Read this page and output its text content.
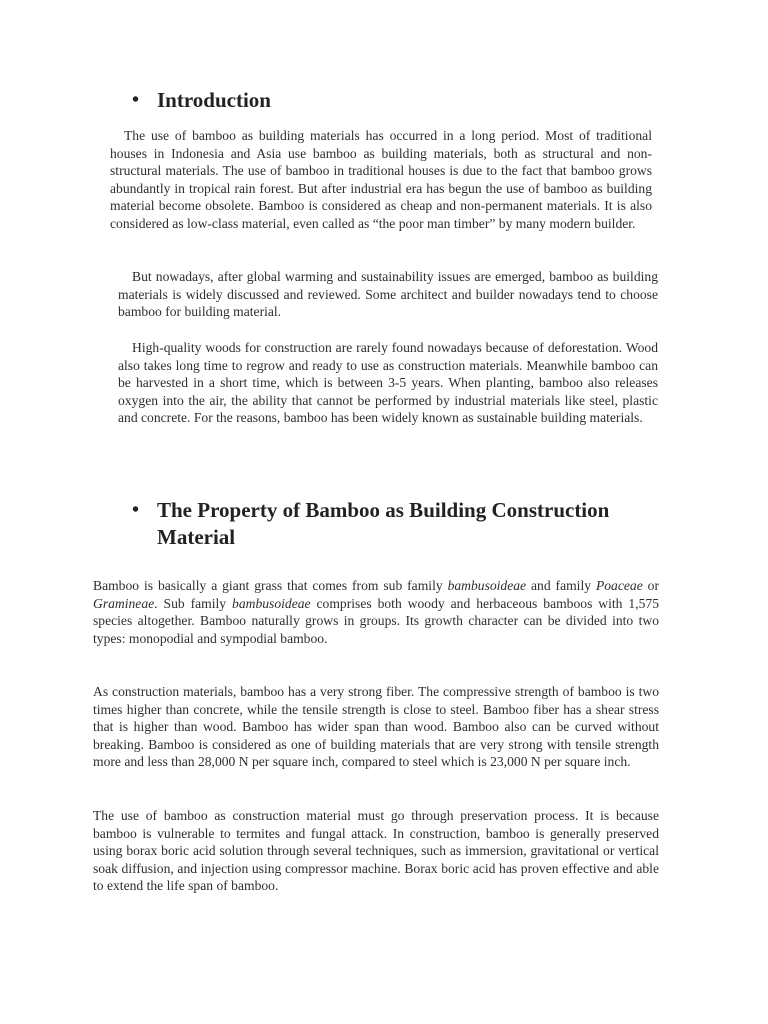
• Introduction

The use of bamboo as building materials has occurred in a long period. Most of traditional houses in Indonesia and Asia use bamboo as building materials, both as structural and non-structural materials. The use of bamboo in traditional houses is due to the fact that bamboo grows abundantly in tropical rain forest. But after industrial era has begun the use of bamboo as building material become obsolete. Bamboo is considered as cheap and non-permanent materials. It is also considered as low-class material, even called as “the poor man timber” by many modern builder.

But nowadays, after global warming and sustainability issues are emerged, bamboo as building materials is widely discussed and reviewed. Some architect and builder nowadays tend to choose bamboo for building material.

High-quality woods for construction are rarely found nowadays because of deforestation. Wood also takes long time to regrow and ready to use as construction materials. Meanwhile bamboo can be harvested in a short time, which is between 3-5 years. When planting, bamboo also releases oxygen into the air, the ability that cannot be performed by industrial materials like steel, plastic and concrete. For the reasons, bamboo has been widely known as sustainable building materials.

• The Property of Bamboo as Building Construction
Material

Bamboo is basically a giant grass that comes from sub family bambusoideae and family Poaceae or Gramineae. Sub family bambusoideae comprises both woody and herbaceous bamboos with 1,575 species altogether. Bamboo naturally grows in groups. Its growth character can be divided into two types: monopodial and sympodial bamboo.

As construction materials, bamboo has a very strong fiber. The compressive strength of bamboo is two times higher than concrete, while the tensile strength is close to steel. Bamboo fiber has a shear stress that is higher than wood. Bamboo has wider span than wood. Bamboo also can be curved without breaking. Bamboo is considered as one of building materials that are very strong with tensile strength more and less than 28,000 N per square inch, compared to steel which is 23,000 N per square inch.

The use of bamboo as construction material must go through preservation process. It is because bamboo is vulnerable to termites and fungal attack. In construction, bamboo is generally preserved using borax boric acid solution through several techniques, such as immersion, gravitational or vertical soak diffusion, and injection using compressor machine. Borax boric acid has proven effective and able to extend the life span of bamboo.
